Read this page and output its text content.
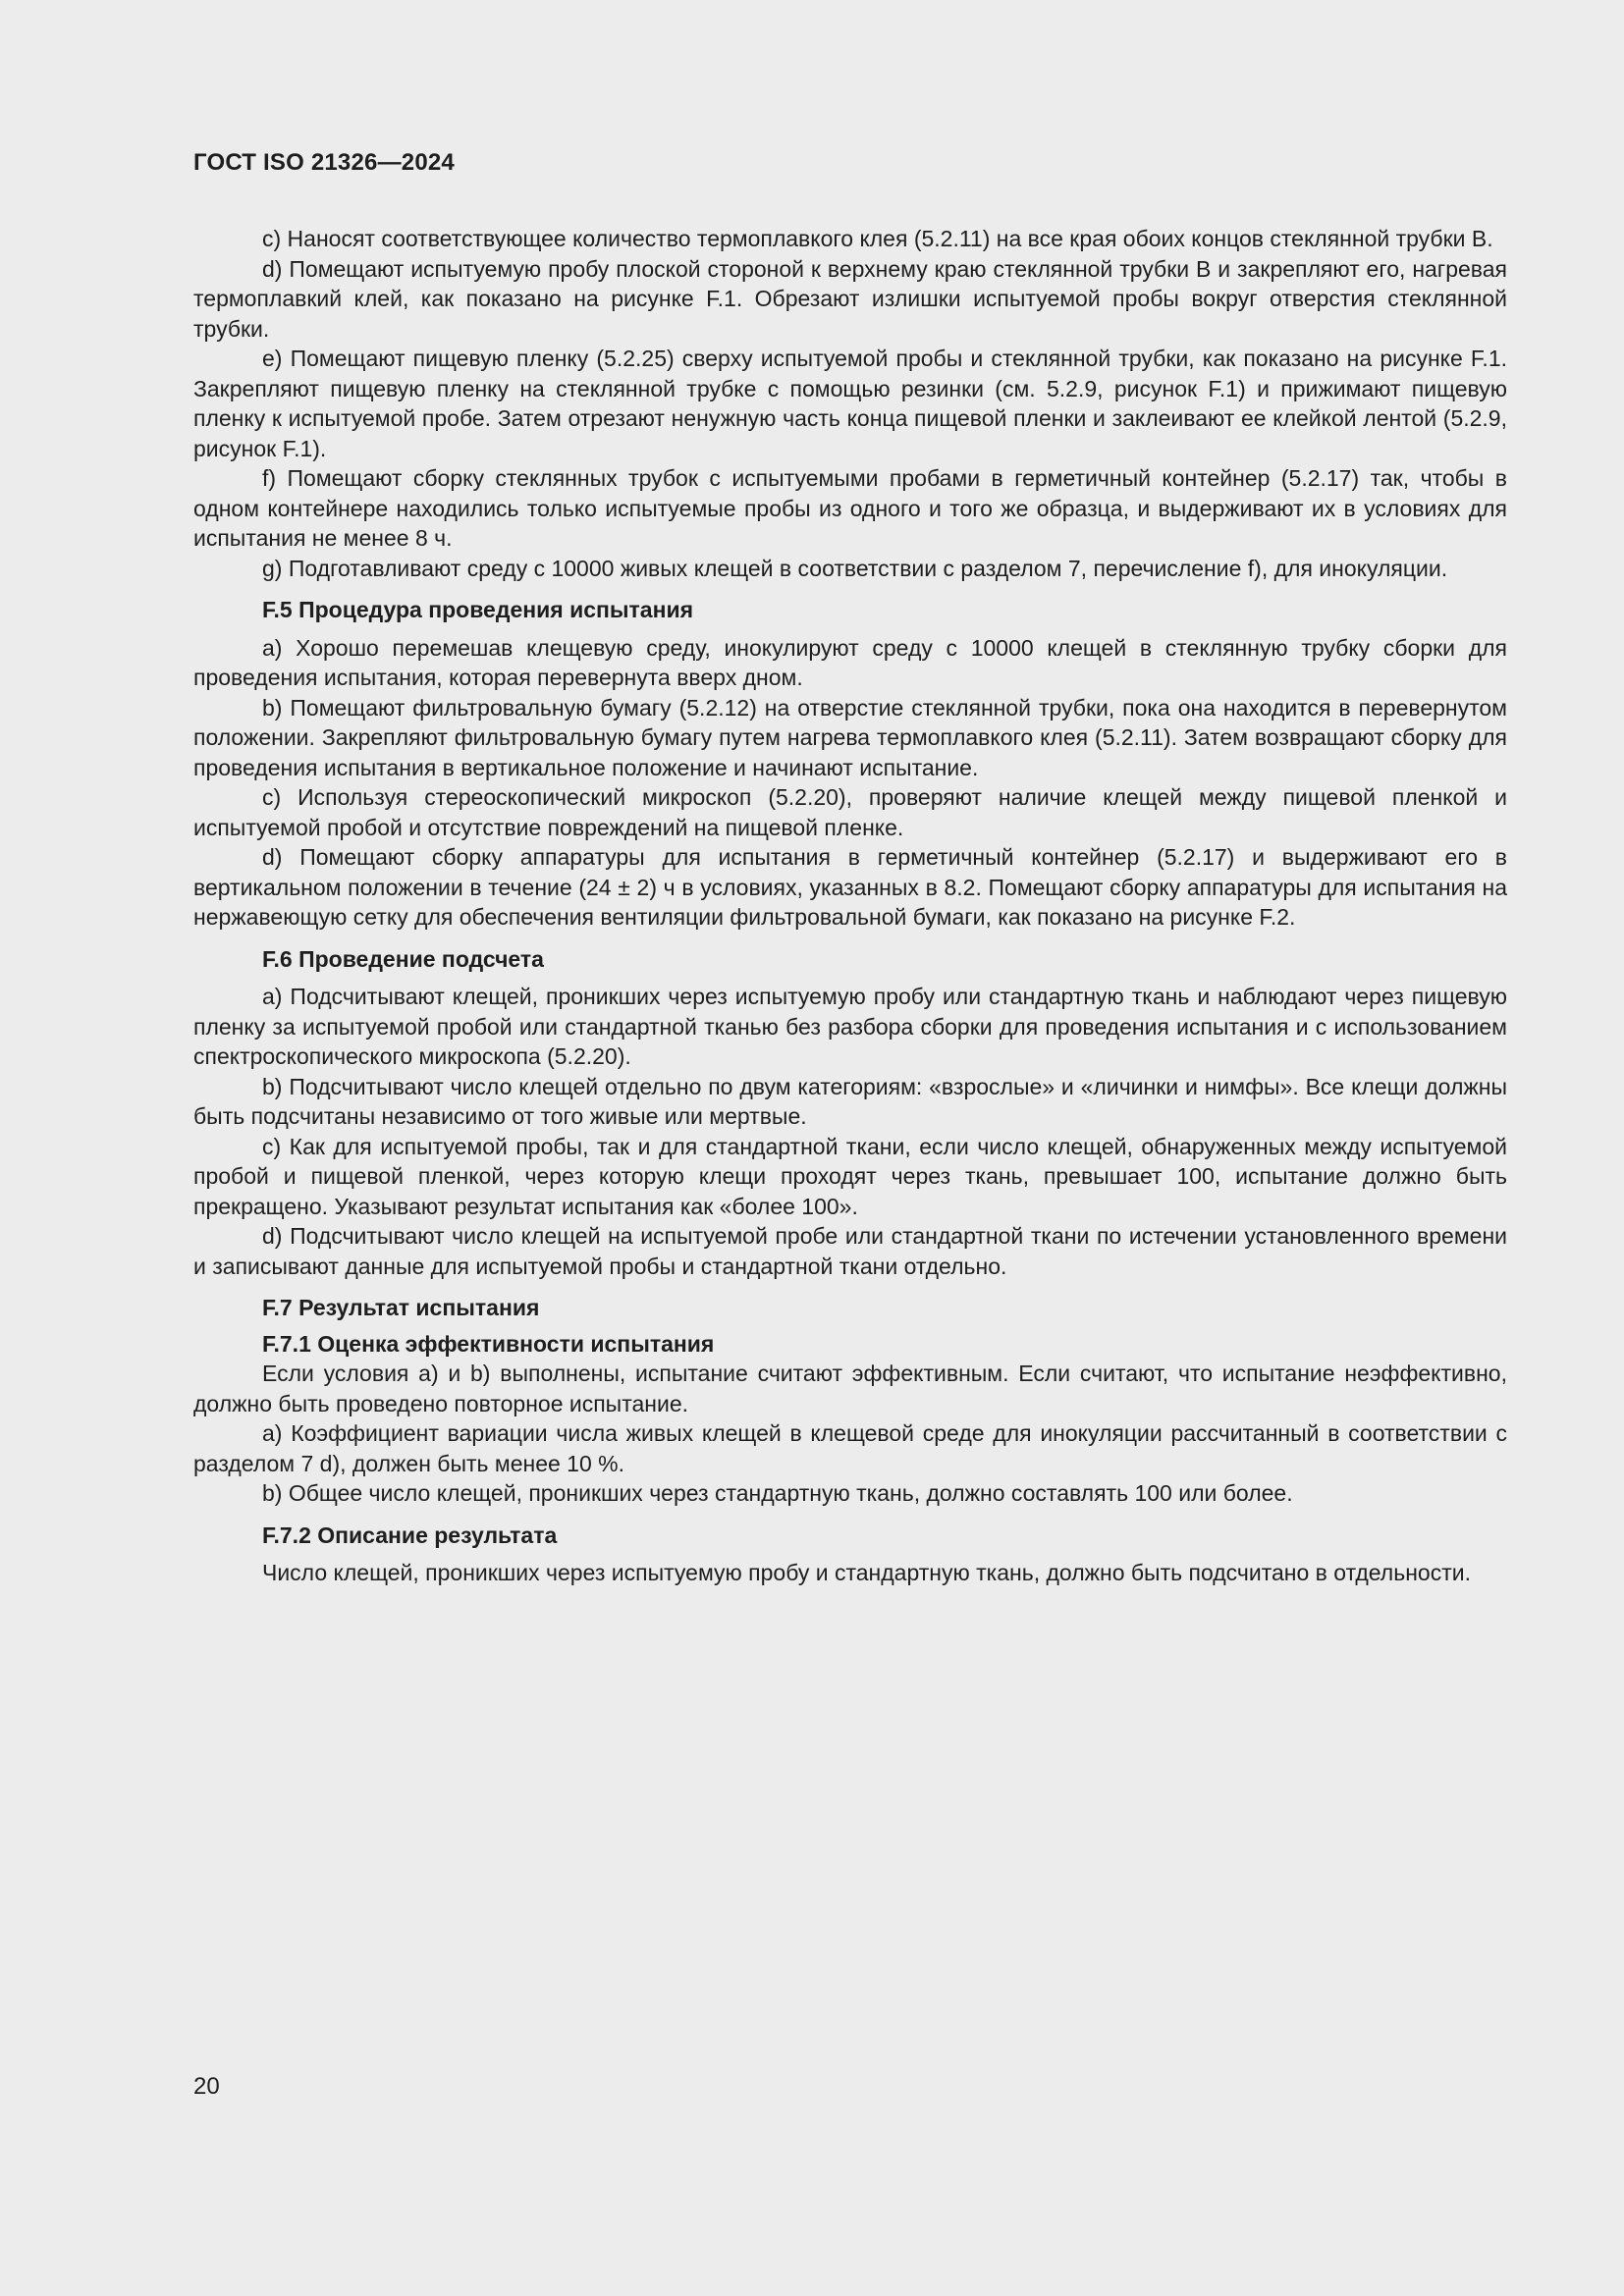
ГОСТ ISO 21326—2024

c) Наносят соответствующее количество термоплавкого клея (5.2.11) на все края обоих концов стеклянной трубки B.

d) Помещают испытуемую пробу плоской стороной к верхнему краю стеклянной трубки B и закрепляют его, нагревая термоплавкий клей, как показано на рисунке F.1. Обрезают излишки испытуемой пробы вокруг отверстия стеклянной трубки.

e) Помещают пищевую пленку (5.2.25) сверху испытуемой пробы и стеклянной трубки, как показано на рисунке F.1. Закрепляют пищевую пленку на стеклянной трубке с помощью резинки (см. 5.2.9, рисунок F.1) и прижимают пищевую пленку к испытуемой пробе. Затем отрезают ненужную часть конца пищевой пленки и заклеивают ее клейкой лентой (5.2.9, рисунок F.1).

f) Помещают сборку стеклянных трубок с испытуемыми пробами в герметичный контейнер (5.2.17) так, чтобы в одном контейнере находились только испытуемые пробы из одного и того же образца, и выдерживают их в условиях для испытания не менее 8 ч.

g) Подготавливают среду с 10000 живых клещей в соответствии с разделом 7, перечисление f), для инокуляции.

F.5 Процедура проведения испытания

a) Хорошо перемешав клещевую среду, инокулируют среду с 10000 клещей в стеклянную трубку сборки для проведения испытания, которая перевернута вверх дном.

b) Помещают фильтровальную бумагу (5.2.12) на отверстие стеклянной трубки, пока она находится в перевернутом положении. Закрепляют фильтровальную бумагу путем нагрева термоплавкого клея (5.2.11). Затем возвращают сборку для проведения испытания в вертикальное положение и начинают испытание.

c) Используя стереоскопический микроскоп (5.2.20), проверяют наличие клещей между пищевой пленкой и испытуемой пробой и отсутствие повреждений на пищевой пленке.

d) Помещают сборку аппаратуры для испытания в герметичный контейнер (5.2.17) и выдерживают его в вертикальном положении в течение (24 ± 2) ч в условиях, указанных в 8.2. Помещают сборку аппаратуры для испытания на нержавеющую сетку для обеспечения вентиляции фильтровальной бумаги, как показано на рисунке F.2.

F.6 Проведение подсчета

a) Подсчитывают клещей, проникших через испытуемую пробу или стандартную ткань и наблюдают через пищевую пленку за испытуемой пробой или стандартной тканью без разбора сборки для проведения испытания и с использованием спектроскопического микроскопа (5.2.20).

b) Подсчитывают число клещей отдельно по двум категориям: «взрослые» и «личинки и нимфы». Все клещи должны быть подсчитаны независимо от того живые или мертвые.

c) Как для испытуемой пробы, так и для стандартной ткани, если число клещей, обнаруженных между испытуемой пробой и пищевой пленкой, через которую клещи проходят через ткань, превышает 100, испытание должно быть прекращено. Указывают результат испытания как «более 100».

d) Подсчитывают число клещей на испытуемой пробе или стандартной ткани по истечении установленного времени и записывают данные для испытуемой пробы и стандартной ткани отдельно.

F.7 Результат испытания
F.7.1 Оценка эффективности испытания

Если условия a) и b) выполнены, испытание считают эффективным. Если считают, что испытание неэффективно, должно быть проведено повторное испытание.

a) Коэффициент вариации числа живых клещей в клещевой среде для инокуляции рассчитанный в соответствии с разделом 7 d), должен быть менее 10 %.

b) Общее число клещей, проникших через стандартную ткань, должно составлять 100 или более.

F.7.2 Описание результата

Число клещей, проникших через испытуемую пробу и стандартную ткань, должно быть подсчитано в отдельности.

20
